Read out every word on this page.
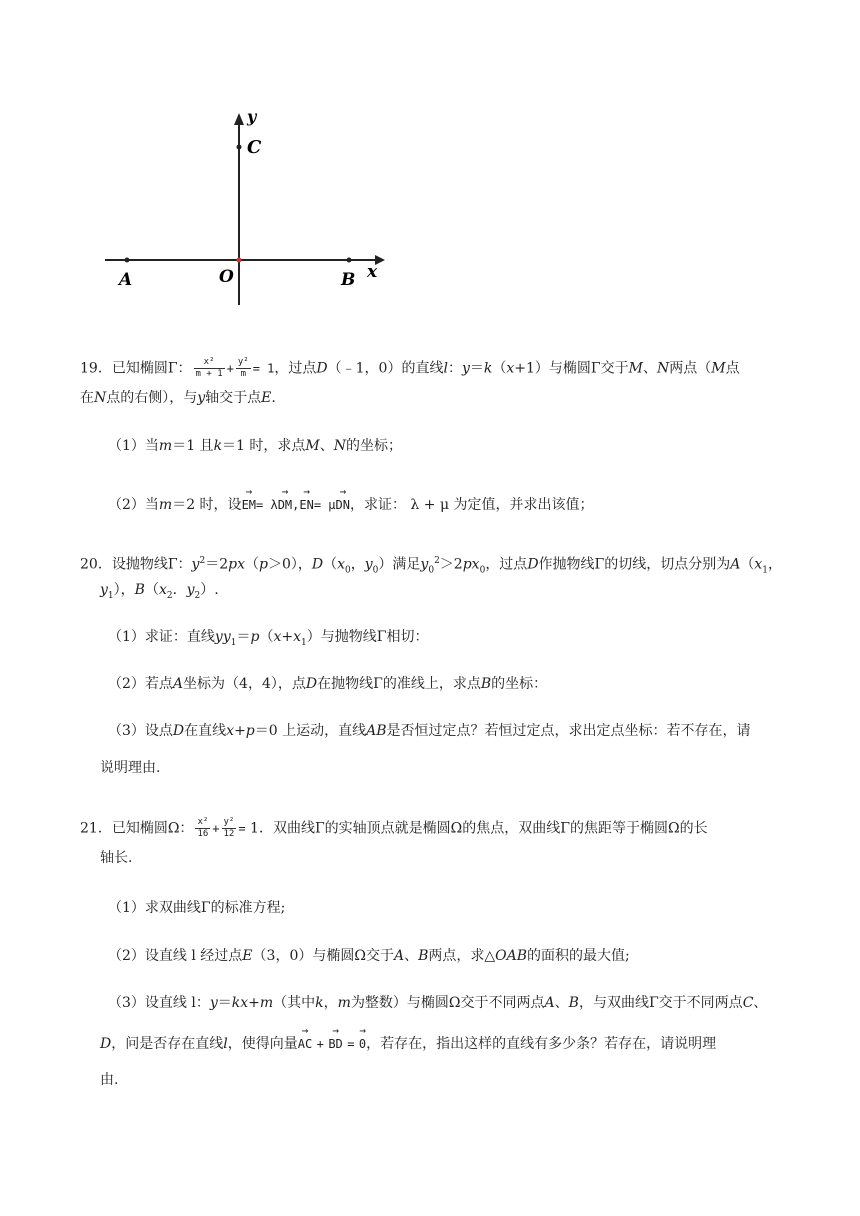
y
C
A	O	B x
19．已知椭圆Γ： $\frac{\text{x²}}{m + 1} + \frac{\text{y²}}{m} = 1$，过点D（﹣1，0）的直线l：y＝k（x+1）与椭圆Γ交于M、N两点（M点
在N点的右侧），与y轴交于点E.
（1）当m＝1 且k＝1 时，求点M、N的坐标；
（2）当m＝2 时，设→ EM= λ→ DM,→ EN= μ→ DN，求证： λ + μ 为定值，并求出该值；
20．设抛物线Γ：$y^2=2px(p>0)$，$D(x_0$，$y_0$）满足$y_0^2>2px_0$，过点D作抛物线Γ的切线，切点分别为$A(x_1$，
$y_1$），$B(x_2$．$y_2$）.
（1）求证：直线$yy_1=p(x+x_1)$与抛物线Γ相切：
（2）若点A坐标为（4，4），点D在抛物线Γ的准线上，求点B的坐标：
（3）设点D在直线x+p＝0 上运动，直线AB是否恒过定点？若恒过定点，求出定点坐标：若不存在，请
说明理由.
21．已知椭圆Ω： $\frac{\text{x²}}{16} + \frac{\text{y²}}{12} = 1$．双曲线Γ的实轴顶点就是椭圆Ω的焦点，双曲线Γ的焦距等于椭圆Ω的长
轴长.
（1）求双曲线Γ的标准方程;
（2）设直线 l 经过点E（3，0）与椭圆Ω交于A、B两点，求△OAB的面积的最大值;
（3）设直线 l：y＝kx+m（其中k，m为整数）与椭圆Ω交于不同两点A、B，与双曲线Γ交于不同两点C、
D，问是否存在直线l，使得向量→ AC + → BD = → 0，若存在，指出这样的直线有多少条？若存在，请说明理
由.
